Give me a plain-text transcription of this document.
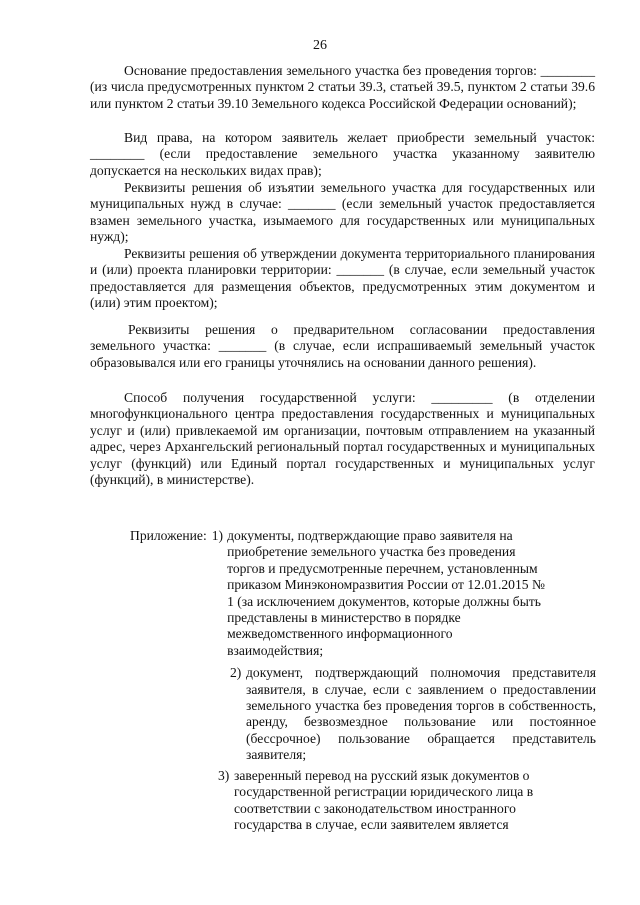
26

Основание предоставления земельного участка без проведения торгов: ________ (из числа предусмотренных пунктом 2 статьи 39.3, статьей 39.5, пунктом 2 статьи 39.6 или пунктом 2 статьи 39.10 Земельного кодекса Российской Федерации оснований);

Вид права, на котором заявитель желает приобрести земельный участок: ________ (если предоставление земельного участка указанному заявителю допускается на нескольких видах прав);

Реквизиты решения об изъятии земельного участка для государственных или муниципальных нужд в случае: _______ (если земельный участок предоставляется взамен земельного участка, изымаемого для государственных или муниципальных нужд);

Реквизиты решения об утверждении документа территориального планирования и (или) проекта планировки территории: _______ (в случае, если земельный участок предоставляется для размещения объектов, предусмотренных этим документом и (или) этим проектом);

Реквизиты решения о предварительном согласовании предоставления земельного участка: _______ (в случае, если испрашиваемый земельный участок образовывался или его границы уточнялись на основании данного решения).

Способ получения государственной услуги: _________ (в отделении многофункционального центра предоставления государственных и муниципальных услуг и (или) привлекаемой им организации, почтовым отправлением на указанный адрес, через Архангельский региональный портал государственных и муниципальных услуг (функций) или Единый портал государственных и муниципальных услуг (функций), в министерстве).

Приложение: 1) документы, подтверждающие право заявителя на приобретение земельного участка без проведения торгов и предусмотренные перечнем, установленным приказом Минэкономразвития России от 12.01.2015 № 1 (за исключением документов, которые должны быть представлены в министерство в порядке межведомственного информационного взаимодействия;

2) документ, подтверждающий полномочия представителя заявителя, в случае, если с заявлением о предоставлении земельного участка без проведения торгов в собственность, аренду, безвозмездное пользование или постоянное (бессрочное) пользование обращается представитель заявителя;

3) заверенный перевод на русский язык документов о государственной регистрации юридического лица в соответствии с законодательством иностранного государства в случае, если заявителем является
